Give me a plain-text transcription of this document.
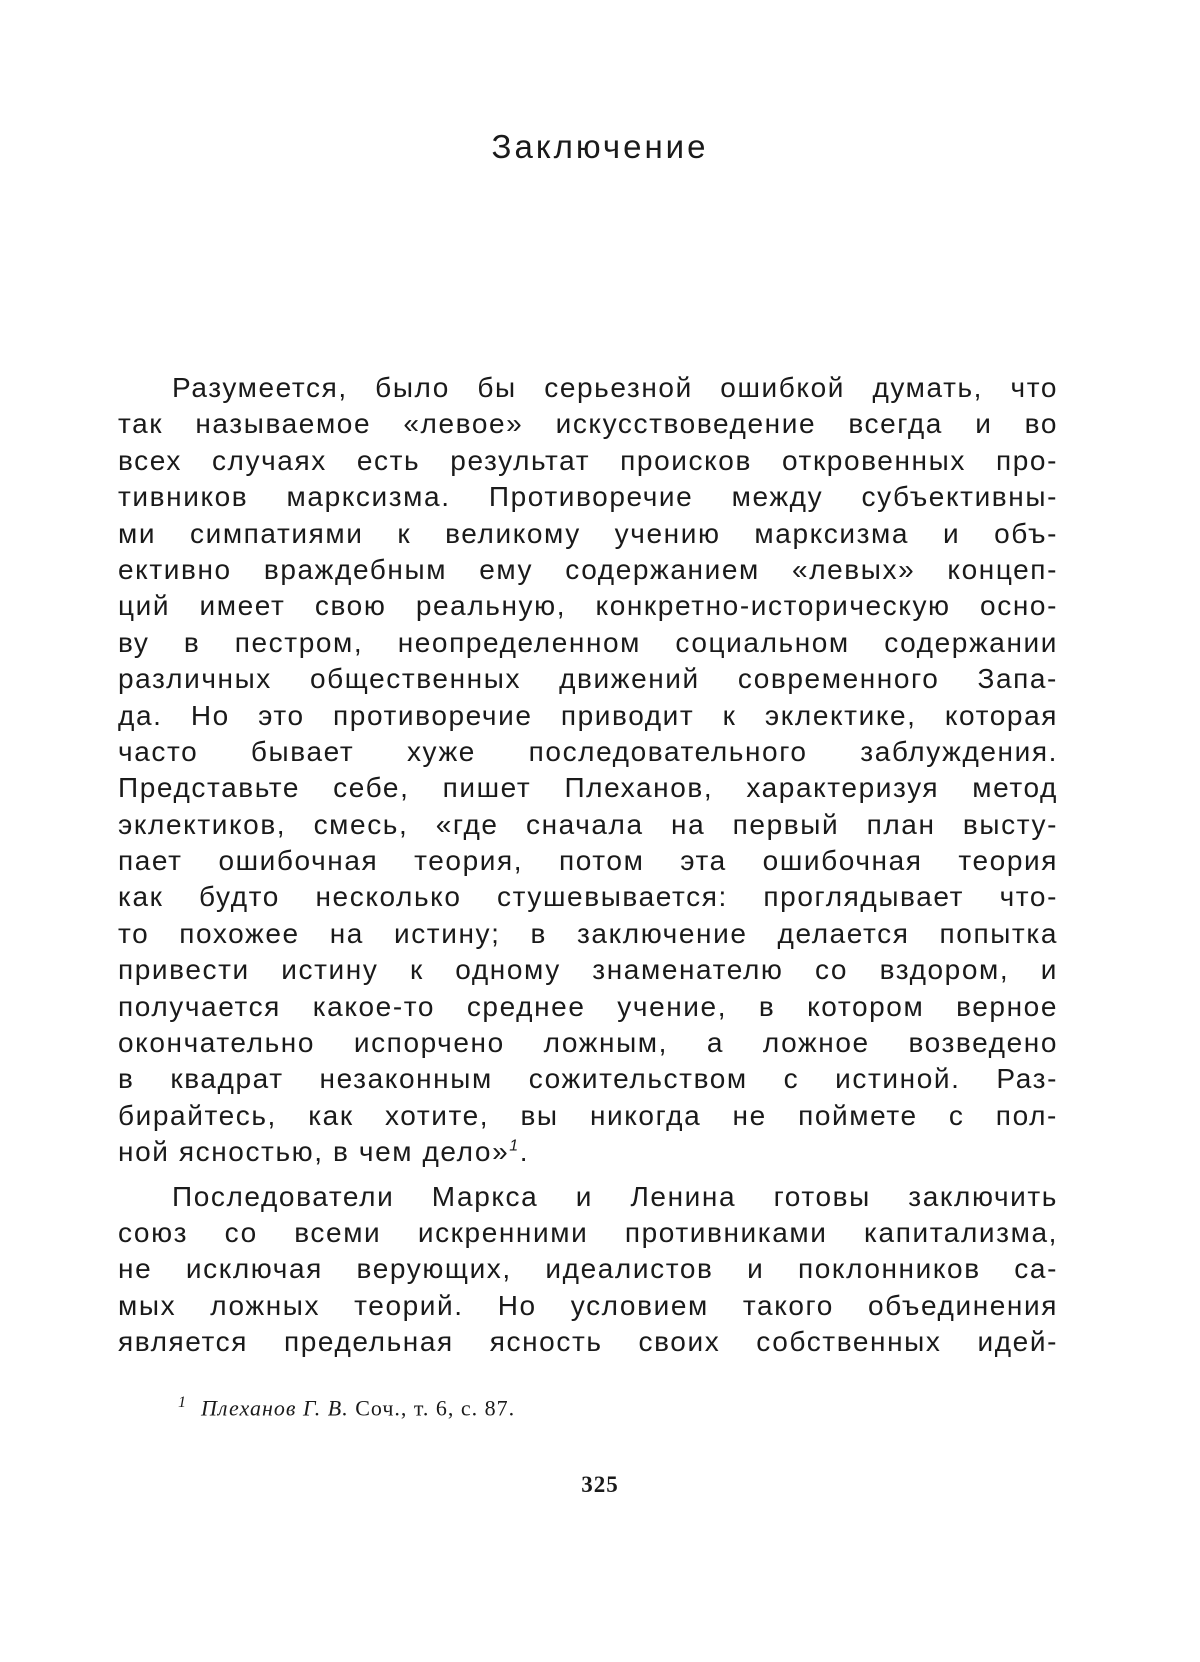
Заключение
Разумеется, было бы серьезной ошибкой думать, что
так называемое «левое» искусствоведение всегда и во
всех случаях есть результат происков откровенных про-
тивников марксизма. Противоречие между субъективны-
ми симпатиями к великому учению марксизма и объ-
ективно враждебным ему содержанием «левых» концеп-
ций имеет свою реальную, конкретно-историческую осно-
ву в пестром, неопределенном социальном содержании
различных общественных движений современного Запа-
да. Но это противоречие приводит к эклектике, которая
часто бывает хуже последовательного заблуждения.
Представьте себе, пишет Плеханов, характеризуя метод
эклектиков, смесь, «где сначала на первый план высту-
пает ошибочная теория, потом эта ошибочная теория
как будто несколько стушевывается: проглядывает что-
то похожее на истину; в заключение делается попытка
привести истину к одному знаменателю со вздором, и
получается какое-то среднее учение, в котором верное
окончательно испорчено ложным, а ложное возведено
в квадрат незаконным сожительством с истиной. Раз-
бирайтесь, как хотите, вы никогда не поймете с пол-
ной ясностью, в чем дело»$^1$.
Последователи Маркса и Ленина готовы заключить
союз со всеми искренними противниками капитализма,
не исключая верующих, идеалистов и поклонников са-
мых ложных теорий. Но условием такого объединения
является предельная ясность своих собственных идей-
$^1$ Плеханов Г. В. Соч., т. 6, с. 87.
325
